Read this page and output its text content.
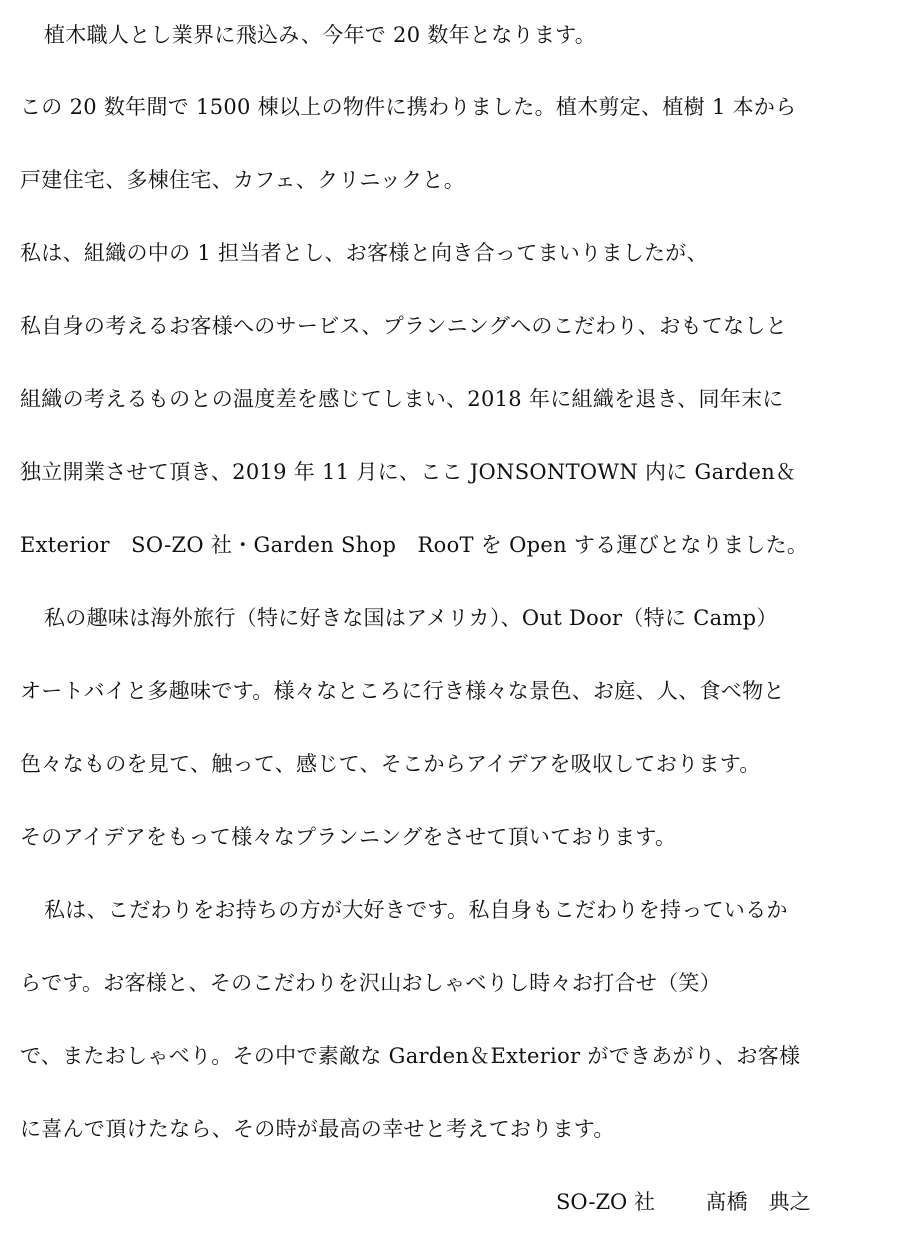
植木職人とし業界に飛込み、今年で 20 数年となります。
この 20 数年間で 1500 棟以上の物件に携わりました。植木剪定、植樹 1 本から
戸建住宅、多棟住宅、カフェ、クリニックと。
私は、組織の中の 1 担当者とし、お客様と向き合ってまいりましたが、
私自身の考えるお客様へのサービス、プランニングへのこだわり、おもてなしと
組織の考えるものとの温度差を感じてしまい、2018 年に組織を退き、同年末に
独立開業させて頂き、2019 年 11 月に、ここ JONSONTOWN 内に Garden＆
Exterior　SO-ZO 社・Garden Shop　RooT を Open する運びとなりました。
私の趣味は海外旅行（特に好きな国はアメリカ）、Out Door（特に Camp）
オートバイと多趣味です。様々なところに行き様々な景色、お庭、人、食べ物と
色々なものを見て、触って、感じて、そこからアイデアを吸収しております。
そのアイデアをもって様々なプランニングをさせて頂いております。
私は、こだわりをお持ちの方が大好きです。私自身もこだわりを持っているか
らです。お客様と、そのこだわりを沢山おしゃべりし時々お打合せ（笑）
で、またおしゃべり。その中で素敵な Garden＆Exterior ができあがり、お客様
に喜んで頂けたなら、その時が最高の幸せと考えております。
SO-ZO 社 髙橋　典之
